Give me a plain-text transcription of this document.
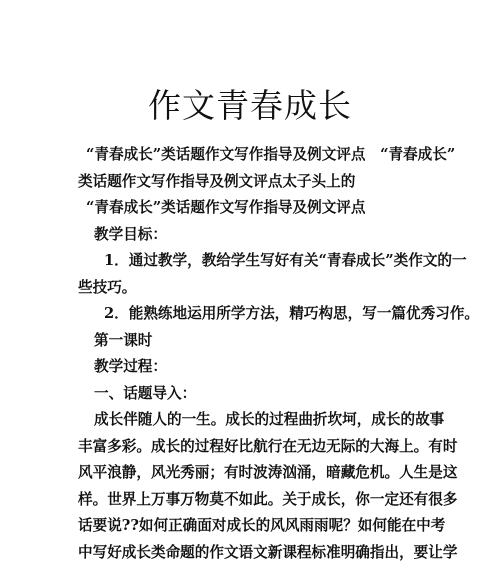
作文青春成长

“青春成长”类话题作文写作指导及例文评点　“青春成长”

类话题作文写作指导及例文评点太子头上的

“青春成长”类话题作文写作指导及例文评点

教学目标：

1．通过教学，教给学生写好有关“青春成长”类作文的一

些技巧。

2．能熟练地运用所学方法，精巧构思，写一篇优秀习作。

第一课时

教学过程：

一、话题导入：

成长伴随人的一生。成长的过程曲折坎坷，成长的故事

丰富多彩。成长的过程好比航行在无边无际的大海上。有时

风平浪静，风光秀丽；有时波涛汹涌，暗藏危机。人生是这

样。世界上万事万物莫不如此。关于成长，你一定还有很多

话要说??如何正确面对成长的风风雨雨呢？如何能在中考

中写好成长类命题的作文语文新课程标准明确指出，要让学
